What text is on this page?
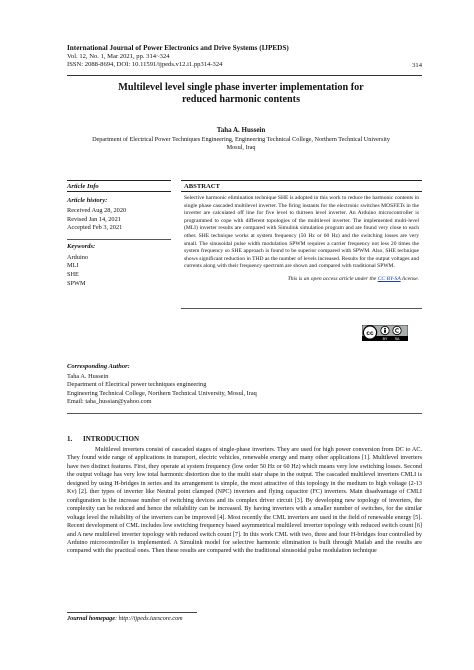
International Journal of Power Electronics and Drive Systems (IJPEDS)
Vol. 12, No. 1, Mar 2021, pp. 314~324
ISSN: 2088-8694, DOI: 10.11591/ijpeds.v12.i1.pp314-324	314
Multilevel level single phase inverter implementation for
reduced harmonic contents
Taha A. Hussein
Department of Electrical Power Techniques Engineering, Engineering Technical College, Northern Technical University
Mosul, Iraq
Article Info
Article history:
Received Aug 28, 2020
Revised Jan 14, 2021
Accepted Feb 3, 2021
Keywords:
Arduino
MLI
SHE
SPWM
ABSTRACT
Selective harmonic elimination technique SHE is adopted in this work to reduce the harmonic contents in single phase cascaded multilevel inverter. The firing instants for the electronic switches MOSFETs in the inverter are calculated off line for five level to thirteen level inverter. An Arduino microcontroller is programmed to cope with different topologies of the multilevel inverter. The implemented multi-level (MLI) inverter results are compared with Simulink simulation program and are found very close to each other. SHE technique works at system frequency (50 Hz or 60 Hz) and the switching losses are very small. The sinusoidal pulse width modulation SPWM requires a carrier frequency not less 20 times the system frequency so SHE approach is found to be superior compared with SPWM. Also, SHE technique shows significant reduction in THD as the number of levels increased. Results for the output voltages and currents along with their frequency spectrum are shown and compared with traditional SPWM.
This is an open access article under the CC BY-SA license.
cc
BY SA
Corresponding Author:
Taha A. Hussein
Department of Electrical power techniques engineering
Engineering Technical College, Northern Technical University, Mosul, Iraq
Email: taha_hussian@yahoo.com
1. INTRODUCTION
Multilevel inverters consist of cascaded stages of single-phase inverters. They are used for high power conversion from DC to AC. They found wide range of applications in transport, electric vehicles, renewable energy and many other applications [1]. Multilevel inverters have two distinct features. First, they operate at system frequency (low order 50 Hz or 60 Hz) which means very low switching losses. Second the output voltage has very low total harmonic distortion due to the multi stair shape in the output. The cascaded multilevel inverters CMLI is designed by using H-bridges in series and its arrangement is simple, the most attractive of this topology in the medium to high voltage (2-13 Kv) [2]. ther types of inverter like Neutral point clamped (NPC) inverters and flying capacitor (FC) inverters. Main disadvantage of CMLI configuration is the increase number of switching devices and its complex driver circuit [3]. By developing new topology of inverters, the complexity can be reduced and hence the reliability can be increased. By having inverters with a smaller number of switches, for the similar voltage level the reliability of the inverters can be improved [4]. Most recently the CML inverters are used in the field of renewable energy [5]. Recent development of CML includes low switching frequency based asymmetrical multilevel inverter topology with reduced switch count [6] and A new multilevel inverter topology with reduced switch count [7]. In this work CML with two, three and four H-bridges four controlled by Arduino microcontroller is implemented. A Simulink model for selective harmonic elimination is built through Matlab and the results are compared with the practical ones. Then these results are compared with the traditional sinusoidal pulse modulation technique
Journal homepage: http://ijpeds.iaescore.com
